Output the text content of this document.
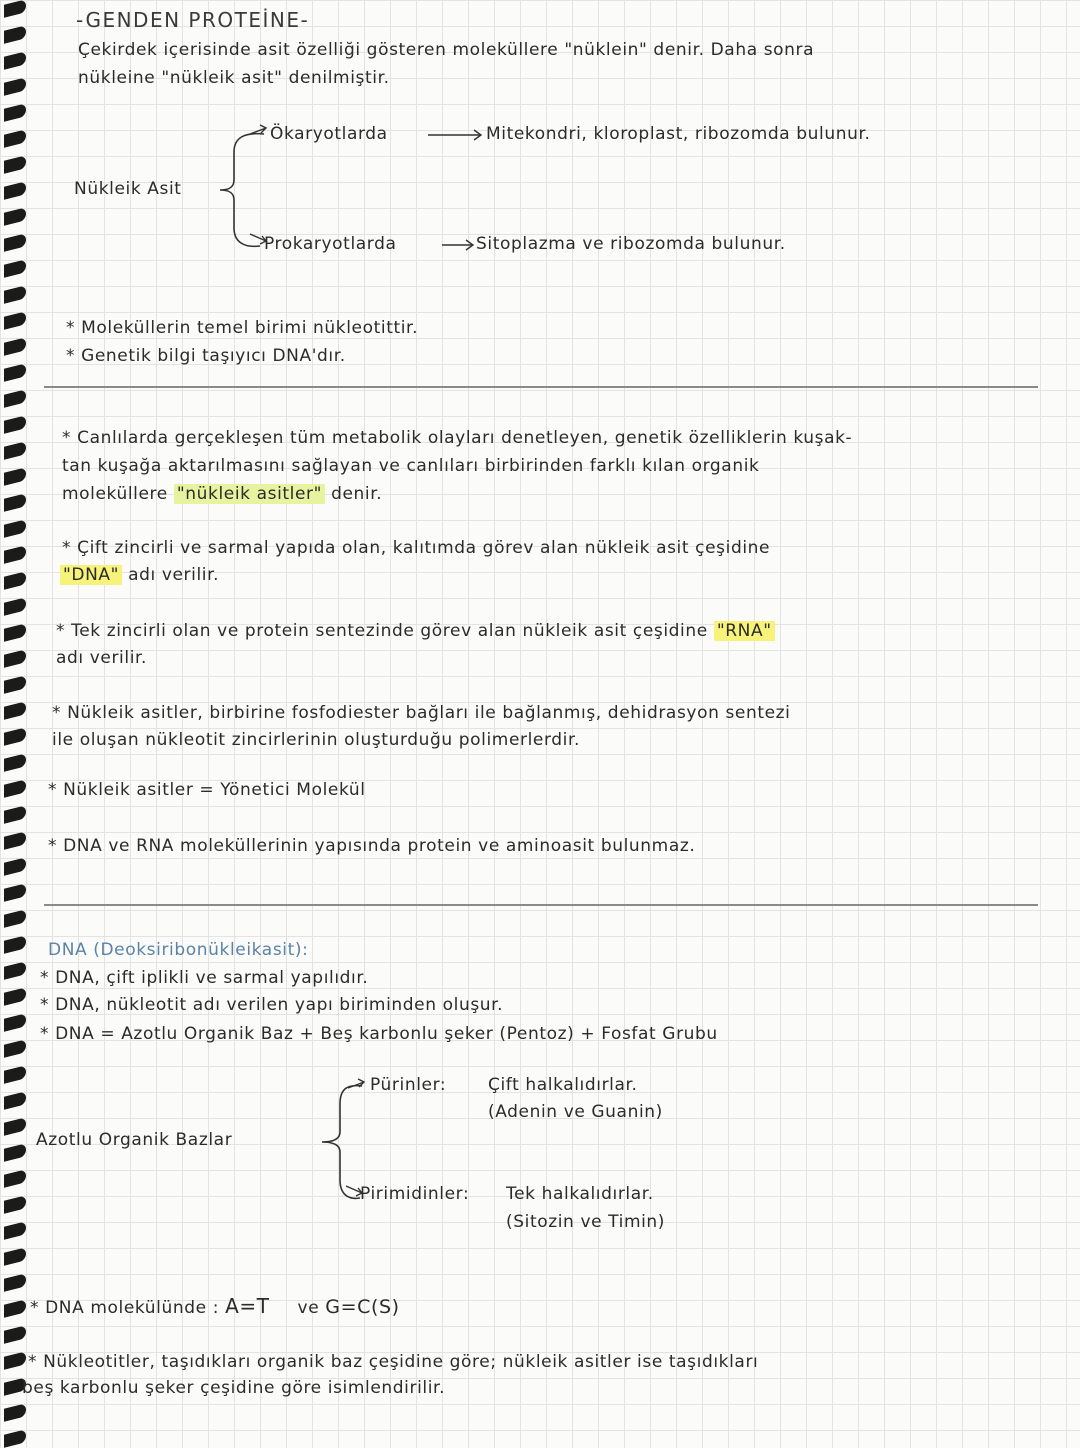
-GENDEN PROTEİNE-
Çekirdek içerisinde asit özelliği gösteren moleküllere "nüklein" denir. Daha sonra
nükleine "nükleik asit" denilmiştir.
Nükleik Asit
Ökaryotlarda	Mitekondri, kloroplast, ribozomda bulunur.
Prokaryotlarda	Sitoplazma ve ribozomda bulunur.
* Moleküllerin temel birimi nükleotittir.
* Genetik bilgi taşıyıcı DNA'dır.
* Canlılarda gerçekleşen tüm metabolik olayları denetleyen, genetik özelliklerin kuşak-
tan kuşağa aktarılmasını sağlayan ve canlıları birbirinden farklı kılan organik
moleküllere "nükleik asitler" denir.
* Çift zincirli ve sarmal yapıda olan, kalıtımda görev alan nükleik asit çeşidine
"DNA" adı verilir.
* Tek zincirli olan ve protein sentezinde görev alan nükleik asit çeşidine "RNA"
adı verilir.
* Nükleik asitler, birbirine fosfodiester bağları ile bağlanmış, dehidrasyon sentezi
ile oluşan nükleotit zincirlerinin oluşturduğu polimerlerdir.
* Nükleik asitler = Yönetici Molekül
* DNA ve RNA moleküllerinin yapısında protein ve aminoasit bulunmaz.
DNA (Deoksiribonükleikasit):
* DNA, çift iplikli ve sarmal yapılıdır.
* DNA, nükleotit adı verilen yapı biriminden oluşur.
* DNA = Azotlu Organik Baz + Beş karbonlu şeker (Pentoz) + Fosfat Grubu
Azotlu Organik Bazlar
Pürinler: Çift halkalıdırlar.
(Adenin ve Guanin)
Pirimidinler: Tek halkalıdırlar.
(Sitozin ve Timin)
* DNA molekülünde : A=T ve G=C(S)
* Nükleotitler, taşıdıkları organik baz çeşidine göre; nükleik asitler ise taşıdıkları
beş karbonlu şeker çeşidine göre isimlendirilir.
